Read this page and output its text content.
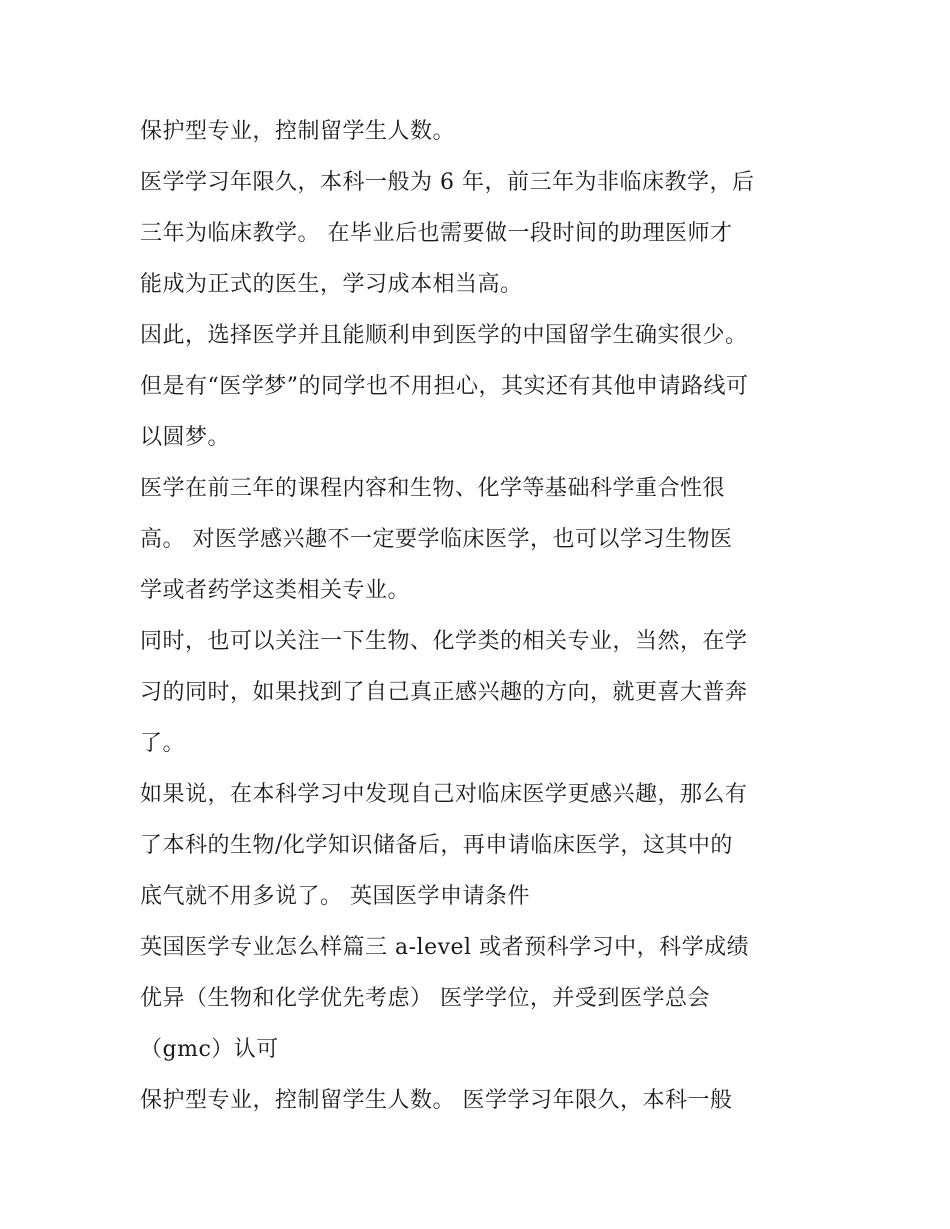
保护型专业，控制留学生人数。
医学学习年限久，本科一般为 6 年，前三年为非临床教学，后
三年为临床教学。 在毕业后也需要做一段时间的助理医师才
能成为正式的医生，学习成本相当高。
因此，选择医学并且能顺利申到医学的中国留学生确实很少。
但是有“医学梦”的同学也不用担心，其实还有其他申请路线可
以圆梦。
医学在前三年的课程内容和生物、化学等基础科学重合性很
高。 对医学感兴趣不一定要学临床医学，也可以学习生物医
学或者药学这类相关专业。
同时，也可以关注一下生物、化学类的相关专业，当然，在学
习的同时，如果找到了自己真正感兴趣的方向，就更喜大普奔
了。
如果说，在本科学习中发现自己对临床医学更感兴趣，那么有
了本科的生物/化学知识储备后，再申请临床医学，这其中的
底气就不用多说了。 英国医学申请条件
英国医学专业怎么样篇三 a-level 或者预科学习中，科学成绩
优异（生物和化学优先考虑） 医学学位，并受到医学总会
（gmc）认可
保护型专业，控制留学生人数。 医学学习年限久，本科一般
